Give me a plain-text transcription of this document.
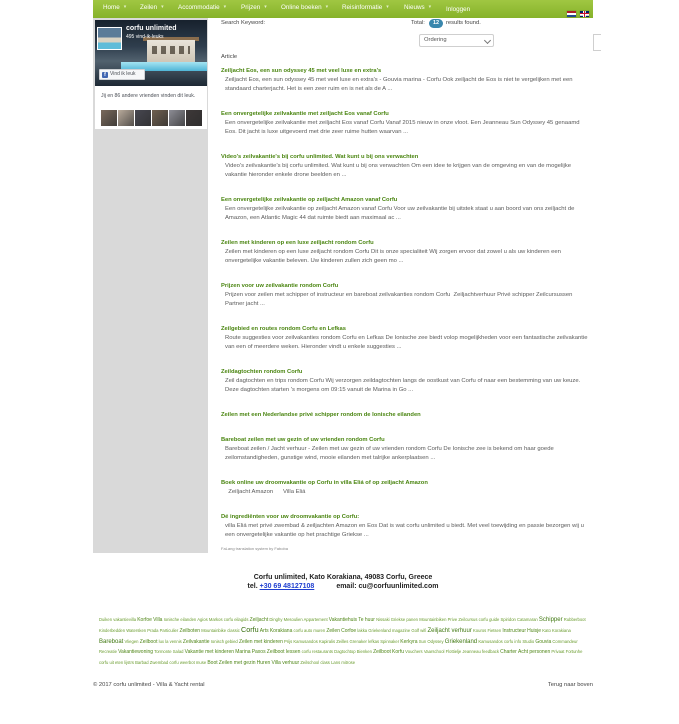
Home ▾ Zeilen ▾ Accommodatie ▾ Prijzen ▾ Online boeken ▾ Reisinformatie ▾ Nieuws ▾ Inloggen
corfu unlimited
495 vind-ik-leuks
f Vind ik leuk
Jij en 86 andere vrienden vinden dit leuk.
Search Keyword:	Total:	12	results found.
Ordering
Article
Zeiljacht Eos, een sun odyssey 45 met veel luxe en extra's
Zeiljacht Eos, een sun odyssey 45 met veel luxe en extra's - Gouvia marina - Corfu Ook zeiljacht de Eos is niet te vergelijken met een standaard charterjacht. Het is een zeer ruim en is net als de A ...
Een onvergetelijke zeilvakantie met zeiljacht Eos vanaf Corfu
Een onvergetelijke zeilvakantie met zeiljacht Eos vanaf Corfu Vanaf 2015 nieuw in onze vloot. Een Jeanneau Sun Odyssey 45 genaamd Eos. Dit jacht is luxe uitgevoerd met drie zeer ruime hutten waarvan ...
Video's zeilvakantie's bij corfu unlimited. Wat kunt u bij ons verwachten
Video's zeilvakantie's bij corfu unlimited. Wat kunt u bij ons verwachten Om een idee te krijgen van de omgeving en van de mogelijke vakantie hieronder enkele drone beelden en ...
Een onvergetelijke zeilvakantie op zeiljacht Amazon vanaf Corfu
Een onvergetelijke zeilvakantie op zeiljacht Amazon vanaf Corfu Voor uw zeilvakantie bij uitstek staat u aan boord van ons zeiljacht de Amazon, een Atlantic Magic 44 dat ruimte biedt aan maximaal ac ...
Zeilen met kinderen op een luxe zeiljacht rondom Corfu
Zeilen met kinderen op een luxe zeiljacht rondom Corfu Dit is onze specialiteit Wij zorgen ervoor dat zowel u als uw kinderen een onvergetelijke vakantie beleven. Uw kinderen zullen zich geen mo ...
Prijzen voor uw zeilvakantie rondom Corfu
Prijzen voor zeilen met schipper of instructeur en bareboat zeilvakanties rondom Corfu  Zeiljachtverhuur Privé schipper Zeilcursussen    Partner jacht ...
Zeilgebied en routes rondom Corfu en Lefkas
Route suggesties voor zeilvakanties rondom Corfu en Lefkas De Ionische zee biedt volop mogelijkheden voor een fantastische zeilvakantie van een of meerdere weken. Hieronder vindt u enkele suggesties ...
Zeildagtochten rondom Corfu
Zeil dagtochten en trips rondom Corfu Wij verzorgen zeildagtochten langs de oostkust van Corfu of naar een bestemming van uw keuze. Deze dagtochten starten 's morgens om 09:15 vanuit de Marina in Go ...
Zeilen met een Nederlandse privé schipper rondom de Ionische eilanden
Bareboat zeilen met uw gezin of uw vrienden rondom Corfu
Bareboat zeilen / Jacht verhuur - Zeilen met uw gezin of uw vrienden rondom Corfu De Ionische zee is bekend om haar goede zeilomstandigheden, gunstige wind, mooie eilanden met talrijke ankerplaatsen ...
Boek online uw droomvakantie op Corfu in villa Eliá of op zeiljacht Amazon
Zeiljacht Amazon      Villa Eliá
Dé ingrediënten voor uw droomvakantie op Corfu:
villa Eliá met privé zwembad & zeiljachten Amazon en Eos Dat is wat corfu unlimited u biedt. Met veel toewijding en passie bezorgen wij u een onvergetelijke vakantie op het prachtige Griekse ...
FaLang translation system by Faboba
Corfu unlimited, Kato Korakiana, 49083 Corfu, Greece
tel. +30 69 48127108	email: cu@corfuunlimited.com
Duiken vakantievilla Korfoe Villa Ionische eilanden Agios Markos corfu eilagids Zeiljacht Dinghy Mesoulien Appartement Vakantiehuis Te huur Nissaki Griekse panen Mountainbiken Prive Zeilcursus corfu guide Spiridon Catamaran Schipper Rubberboot Kinderbedden Watersken Prada Particulier Zeilboten Mountainbike classic Corfu Arts Korakiana corfu auto muren Zeilen Corfoe lakka Griekenland magazine Golf wifi Zeiljacht verhuur Kouros Fietsen Instructeur Huisje Kato Korakiana Bareboat Vliegen Zeilboot lux la vennis Zeilvakantie Ionisch gebied Zeilen met kinderen Prijs Kamusandos Kapiralis Zeilles Grenaker lefkas Spinnaker Kerkyra Sun Odyssey Griekenland Kamusandos corfu info Studio Gouvia Commandeur Recreatie Vakantiewoning Tormonte Salad Vakantie met kinderen Marina Paxos Zeilboot lessen corfu restaurants Dagtochtop Bienken Zeilboot Korfu Vouchers Vaarschool Flottielje Jeanneau feedback Charter Acht personen Privaat Fortunhe corfu uit eten lijstrs Barbad Zwembad corfu weerbot muse Boot Zeilen met gezin Huren Villa verhuur Zeilschool class Lans mitrose
© 2017 corfu unlimited - Villa & Yacht rental	Terug naar boven
